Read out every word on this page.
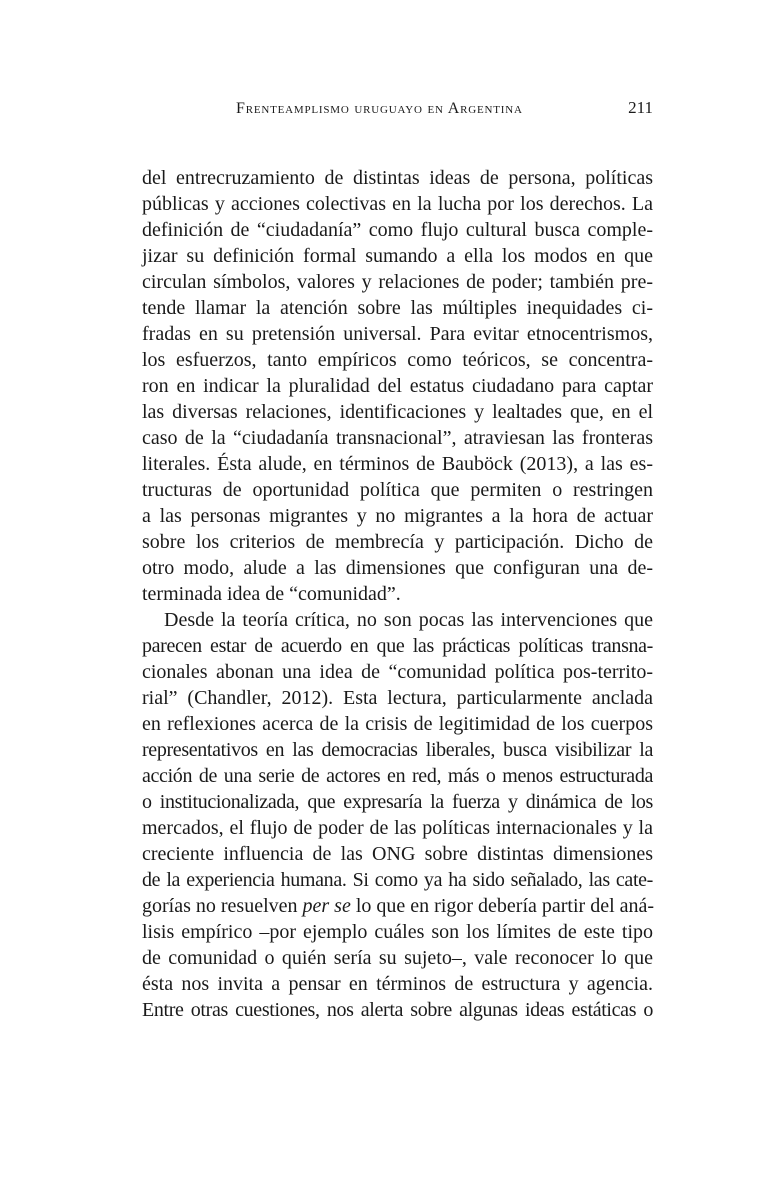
Frenteamplismo uruguayo en Argentina	211
del entrecruzamiento de distintas ideas de persona, políticas
públicas y acciones colectivas en la lucha por los derechos. La
definición de “ciudadanía” como flujo cultural busca comple-
jizar su definición formal sumando a ella los modos en que
circulan símbolos, valores y relaciones de poder; también pre-
tende llamar la atención sobre las múltiples inequidades ci-
fradas en su pretensión universal. Para evitar etnocentrismos,
los esfuerzos, tanto empíricos como teóricos, se concentra-
ron en indicar la pluralidad del estatus ciudadano para captar
las diversas relaciones, identificaciones y lealtades que, en el
caso de la “ciudadanía transnacional”, atraviesan las fronteras
literales. Ésta alude, en términos de Bauböck (2013), a las es-
tructuras de oportunidad política que permiten o restringen
a las personas migrantes y no migrantes a la hora de actuar
sobre los criterios de membrecía y participación. Dicho de
otro modo, alude a las dimensiones que configuran una de-
terminada idea de “comunidad”.
Desde la teoría crítica, no son pocas las intervenciones que
parecen estar de acuerdo en que las prácticas políticas transna-
cionales abonan una idea de “comunidad política pos-territo-
rial” (Chandler, 2012). Esta lectura, particularmente anclada
en reflexiones acerca de la crisis de legitimidad de los cuerpos
representativos en las democracias liberales, busca visibilizar la
acción de una serie de actores en red, más o menos estructurada
o institucionalizada, que expresaría la fuerza y dinámica de los
mercados, el flujo de poder de las políticas internacionales y la
creciente influencia de las ONG sobre distintas dimensiones
de la experiencia humana. Si como ya ha sido señalado, las cate-
gorías no resuelven per se lo que en rigor debería partir del aná-
lisis empírico –por ejemplo cuáles son los límites de este tipo
de comunidad o quién sería su sujeto–, vale reconocer lo que
ésta nos invita a pensar en términos de estructura y agencia.
Entre otras cuestiones, nos alerta sobre algunas ideas estáticas o
